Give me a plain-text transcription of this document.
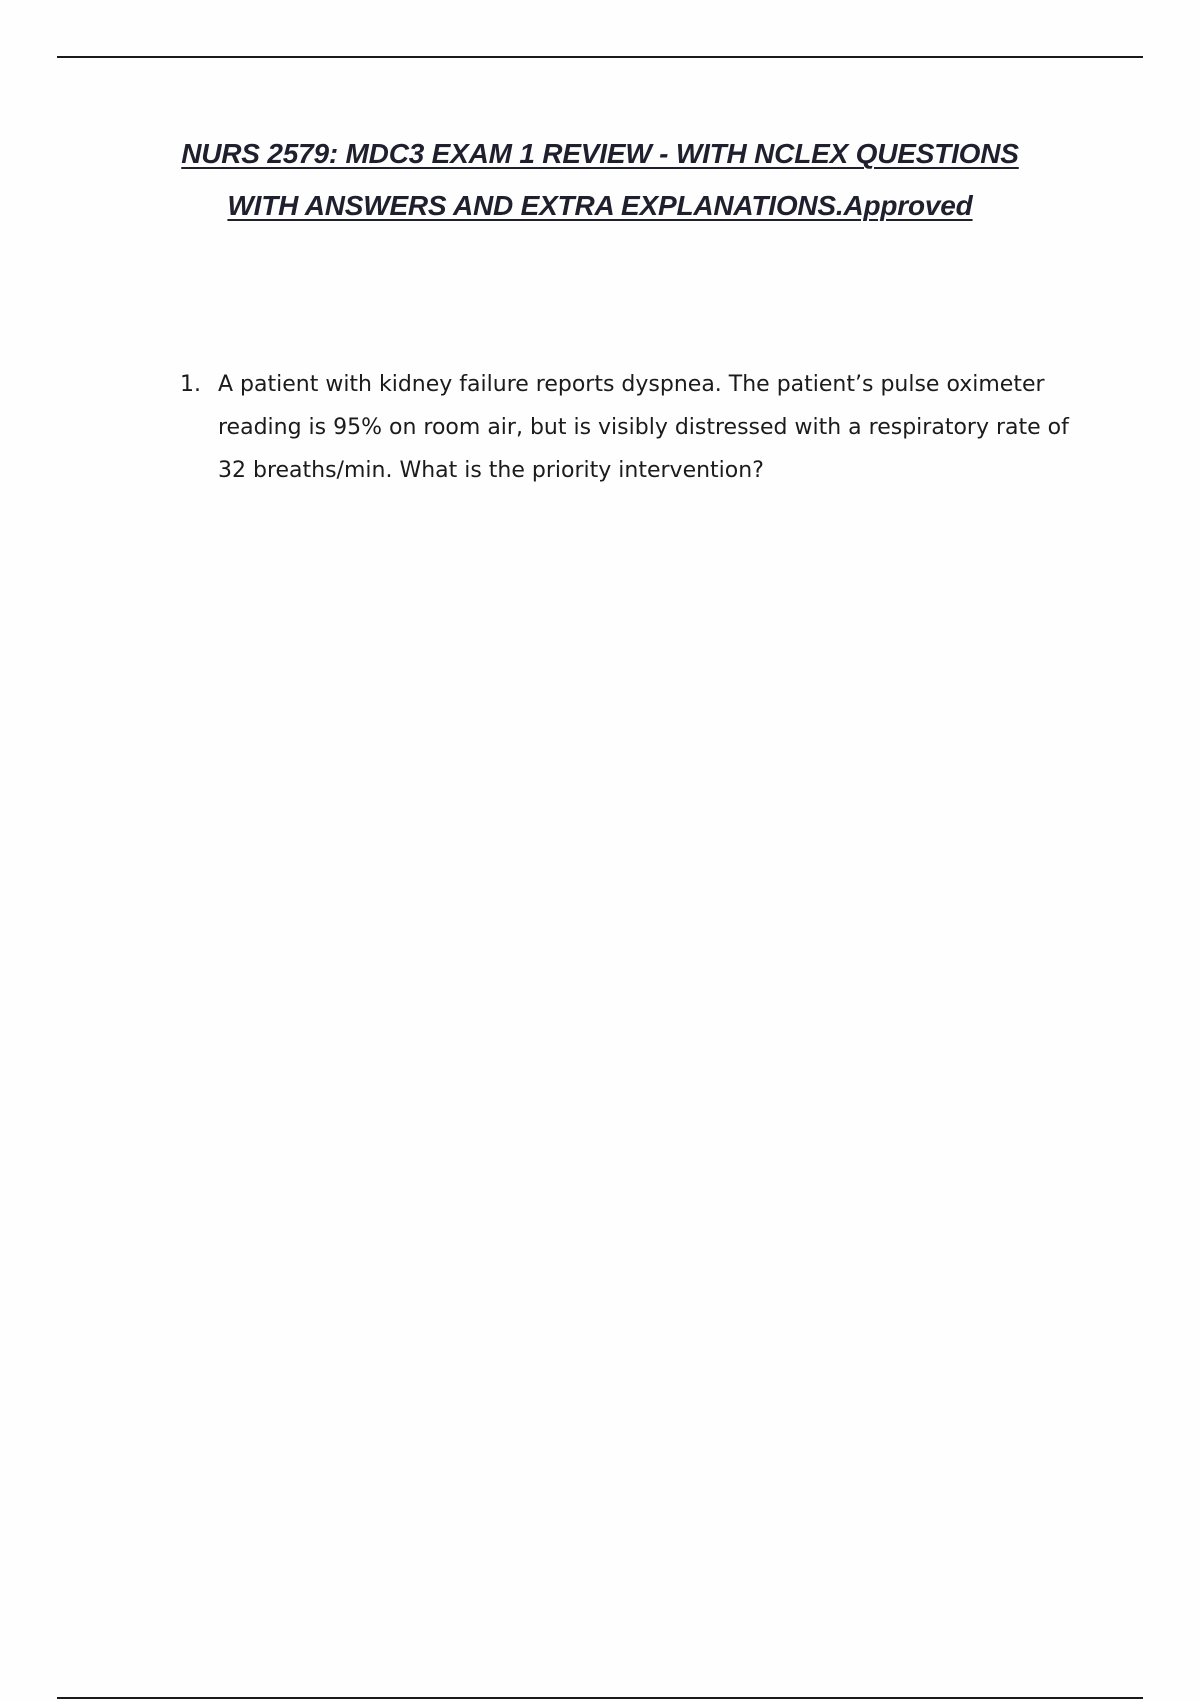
NURS 2579: MDC3 EXAM 1 REVIEW - WITH NCLEX QUESTIONS
WITH ANSWERS AND EXTRA EXPLANATIONS.Approved
1. A patient with kidney failure reports dyspnea. The patient’s pulse oximeter reading is 95% on room air, but is visibly distressed with a respiratory rate of 32 breaths/min. What is the priority intervention?
